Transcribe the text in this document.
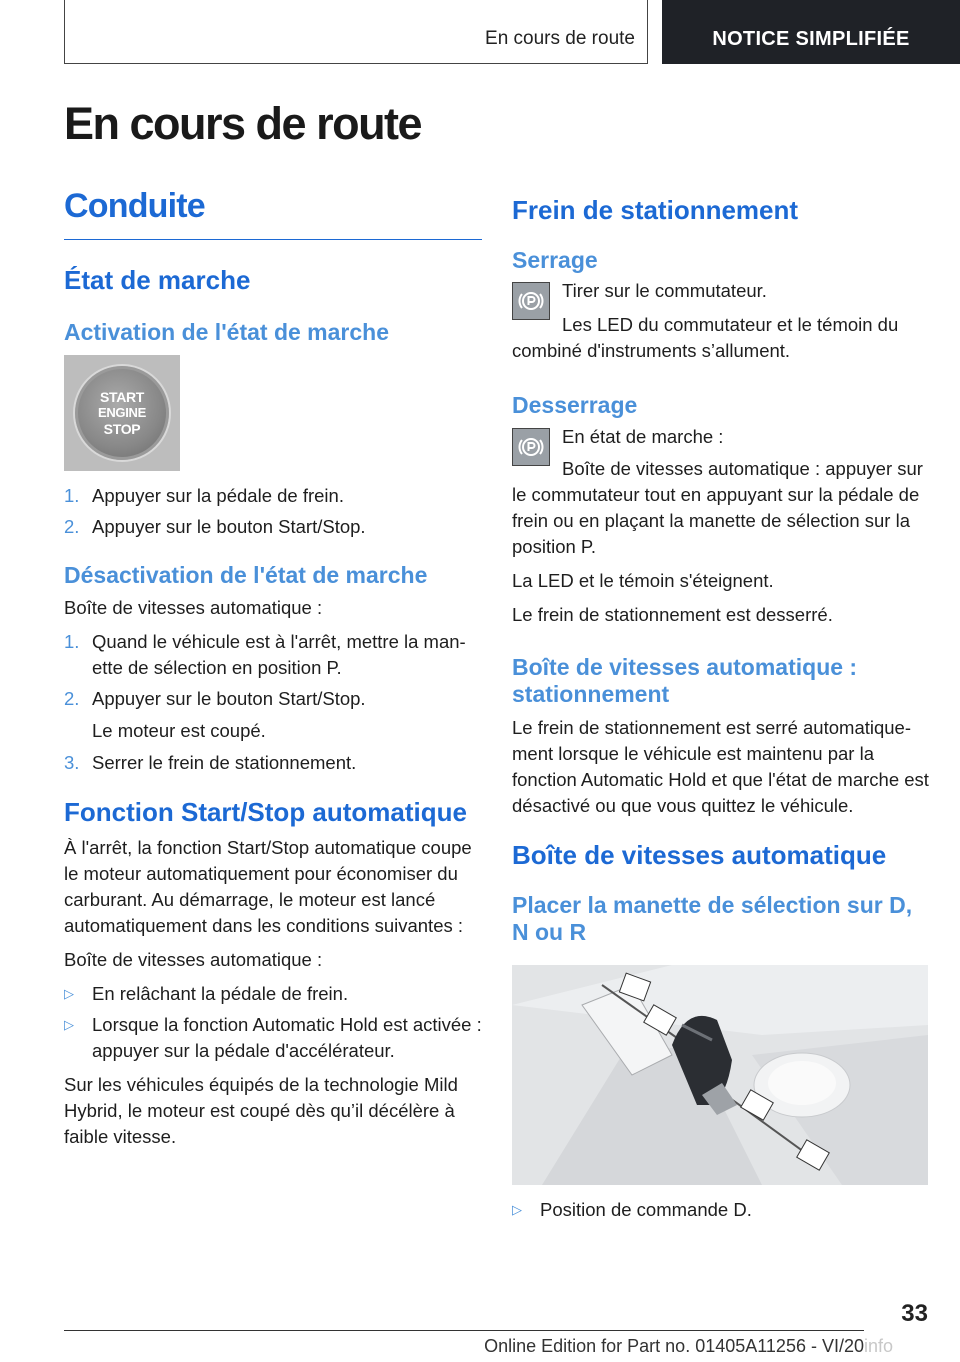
En cours de route	NOTICE SIMPLIFIÉE
En cours de route
Conduite
État de marche
Activation de l'état de marche
START
ENGINE
STOP
1. Appuyer sur la pédale de frein.
2. Appuyer sur le bouton Start/Stop.
Désactivation de l'état de marche

Boîte de vitesses automatique :

1. Quand le véhicule est à l'arrêt, mettre la manette de sélection en position P.
2. Appuyer sur le bouton Start/Stop.
Le moteur est coupé.
3. Serrer le frein de stationnement.
Fonction Start/Stop automatique

À l'arrêt, la fonction Start/Stop automatique coupe le moteur automatiquement pour économiser du carburant. Au démarrage, le moteur est lancé automatiquement dans les conditions suivantes :

Boîte de vitesses automatique :

▷ En relâchant la pédale de frein.
▷ Lorsque la fonction Automatic Hold est activée : appuyer sur la pédale d'accélérateur.

Sur les véhicules équipés de la technologie Mild Hybrid, le moteur est coupé dès qu’il décélère à faible vitesse.

Frein de stationnement
Serrage

Tirer sur le commutateur.

Les LED du commutateur et le témoin du combiné d'instruments s’allument.

Desserrage

En état de marche :

Boîte de vitesses automatique : appuyer sur le commutateur tout en appuyant sur la pédale de frein ou en plaçant la manette de sélection sur la position P.

La LED et le témoin s'éteignent.

Le frein de stationnement est desserré.

Boîte de vitesses automatique : stationnement

Le frein de stationnement est serré automatiquement lorsque le véhicule est maintenu par la fonction Automatic Hold et que l'état de marche est désactivé ou que vous quittez le véhicule.

Boîte de vitesses automatique
Placer la manette de sélection sur D, N ou R
▷ Position de commande D.
33
Online Edition for Part no. 01405A11256 - VI/20 info
